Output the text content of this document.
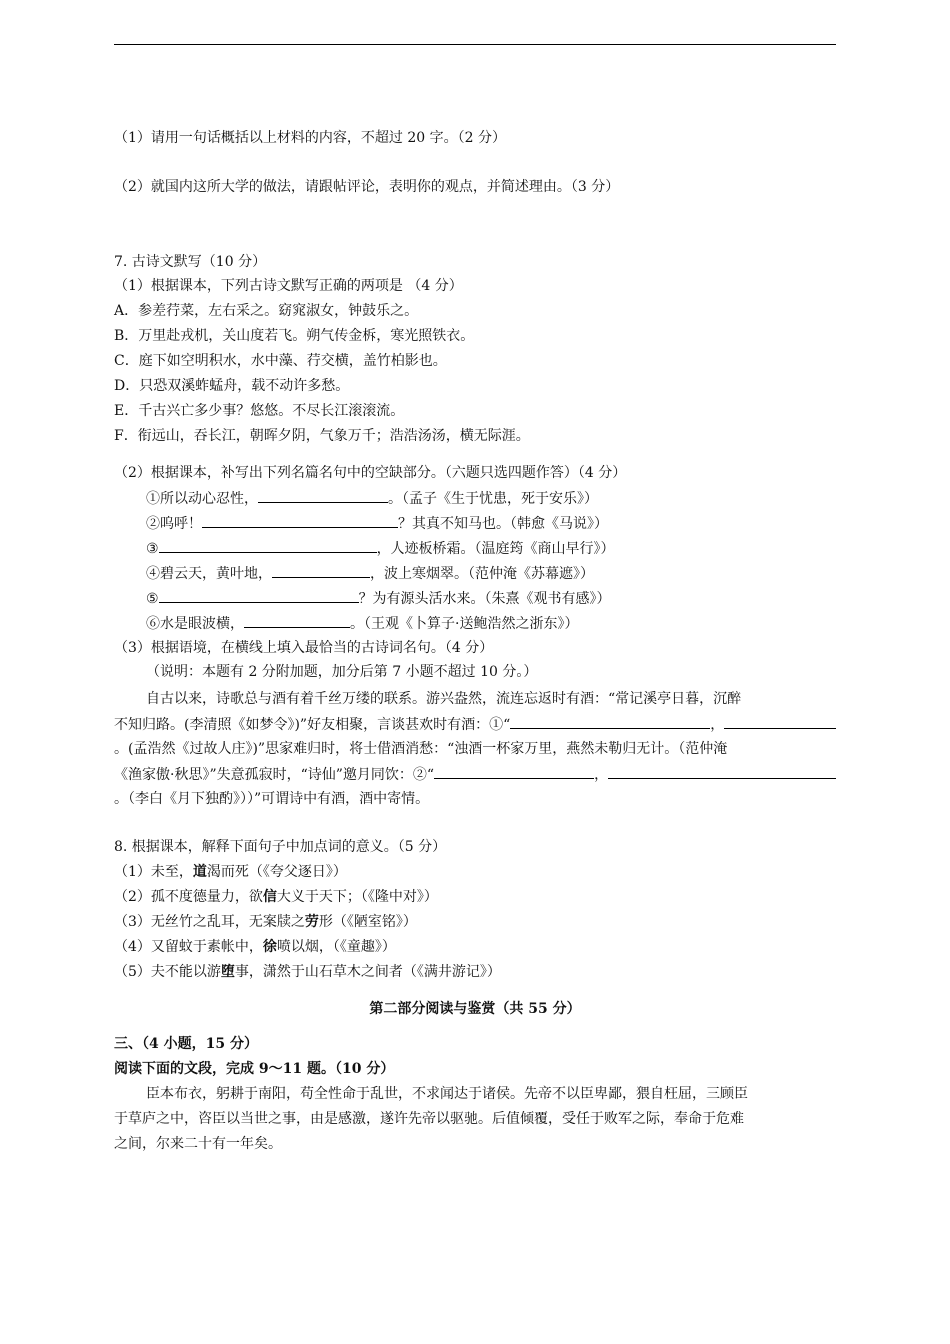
（1）请用一句话概括以上材料的内容，不超过 20 字。（2 分）
（2）就国内这所大学的做法，请跟帖评论，表明你的观点，并简述理由。（3 分）
7. 古诗文默写（10 分）
（1）根据课本，下列古诗文默写正确的两项是 （4 分）
A．参差荇菜，左右采之。窈窕淑女，钟鼓乐之。
B．万里赴戎机，关山度若飞。朔气传金柝，寒光照铁衣。
C．庭下如空明积水，水中藻、荇交横，盖竹柏影也。
D．只恐双溪蚱蜢舟，载不动许多愁。
E．千古兴亡多少事？悠悠。不尽长江滚滚流。
F．衔远山，吞长江，朝晖夕阴，气象万千；浩浩汤汤，横无际涯。
（2）根据课本，补写出下列名篇名句中的空缺部分。（六题只选四题作答）（4 分）
①所以动心忍性，	。（孟子《生于忧患，死于安乐》）
②呜呼！	？其真不知马也。（韩愈《马说》）
③	，人迹板桥霜。（温庭筠《商山早行》）
④碧云天，黄叶地，	，波上寒烟翠。（范仲淹《苏幕遮》）
⑤	？为有源头活水来。（朱熹《观书有感》）
⑥水是眼波横，	。（王观《卜算子·送鲍浩然之浙东》）
（3）根据语境，在横线上填入最恰当的古诗词名句。（4 分）
（说明：本题有 2 分附加题，加分后第 7 小题不超过 10 分。）
自古以来，诗歌总与酒有着千丝万缕的联系。游兴盎然，流连忘返时有酒：“常记溪亭日暮，沉醉
不知归路。(李清照《如梦令》)”好友相聚，言谈甚欢时有酒：①“	，
。(孟浩然《过故人庄》)”思家难归时，将士借酒消愁：“浊酒一杯家万里，燕然未勒归无计。（范仲淹
《渔家傲·秋思》”失意孤寂时，“诗仙”邀月同饮：②“	，
。（李白《月下独酌》））”可谓诗中有酒，酒中寄情。
8. 根据课本，解释下面句子中加点词的意义。（5 分）
（1）未至，道渴而死（《夸父逐日》）
（2）孤不度德量力，欲信大义于天下；（《隆中对》）
（3）无丝竹之乱耳，无案牍之劳形（《陋室铭》）
（4）又留蚊于素帐中，徐喷以烟，（《童趣》）
（5）夫不能以游堕事，潇然于山石草木之间者（《满井游记》）
第二部分阅读与鉴赏（共 55 分）
三、（4 小题，15 分）
阅读下面的文段，完成 9～11 题。（10 分）
臣本布衣，躬耕于南阳，苟全性命于乱世，不求闻达于诸侯。先帝不以臣卑鄙，猥自枉屈，三顾臣
于草庐之中，咨臣以当世之事，由是感激，遂许先帝以驱驰。后值倾覆，受任于败军之际，奉命于危难
之间，尔来二十有一年矣。
